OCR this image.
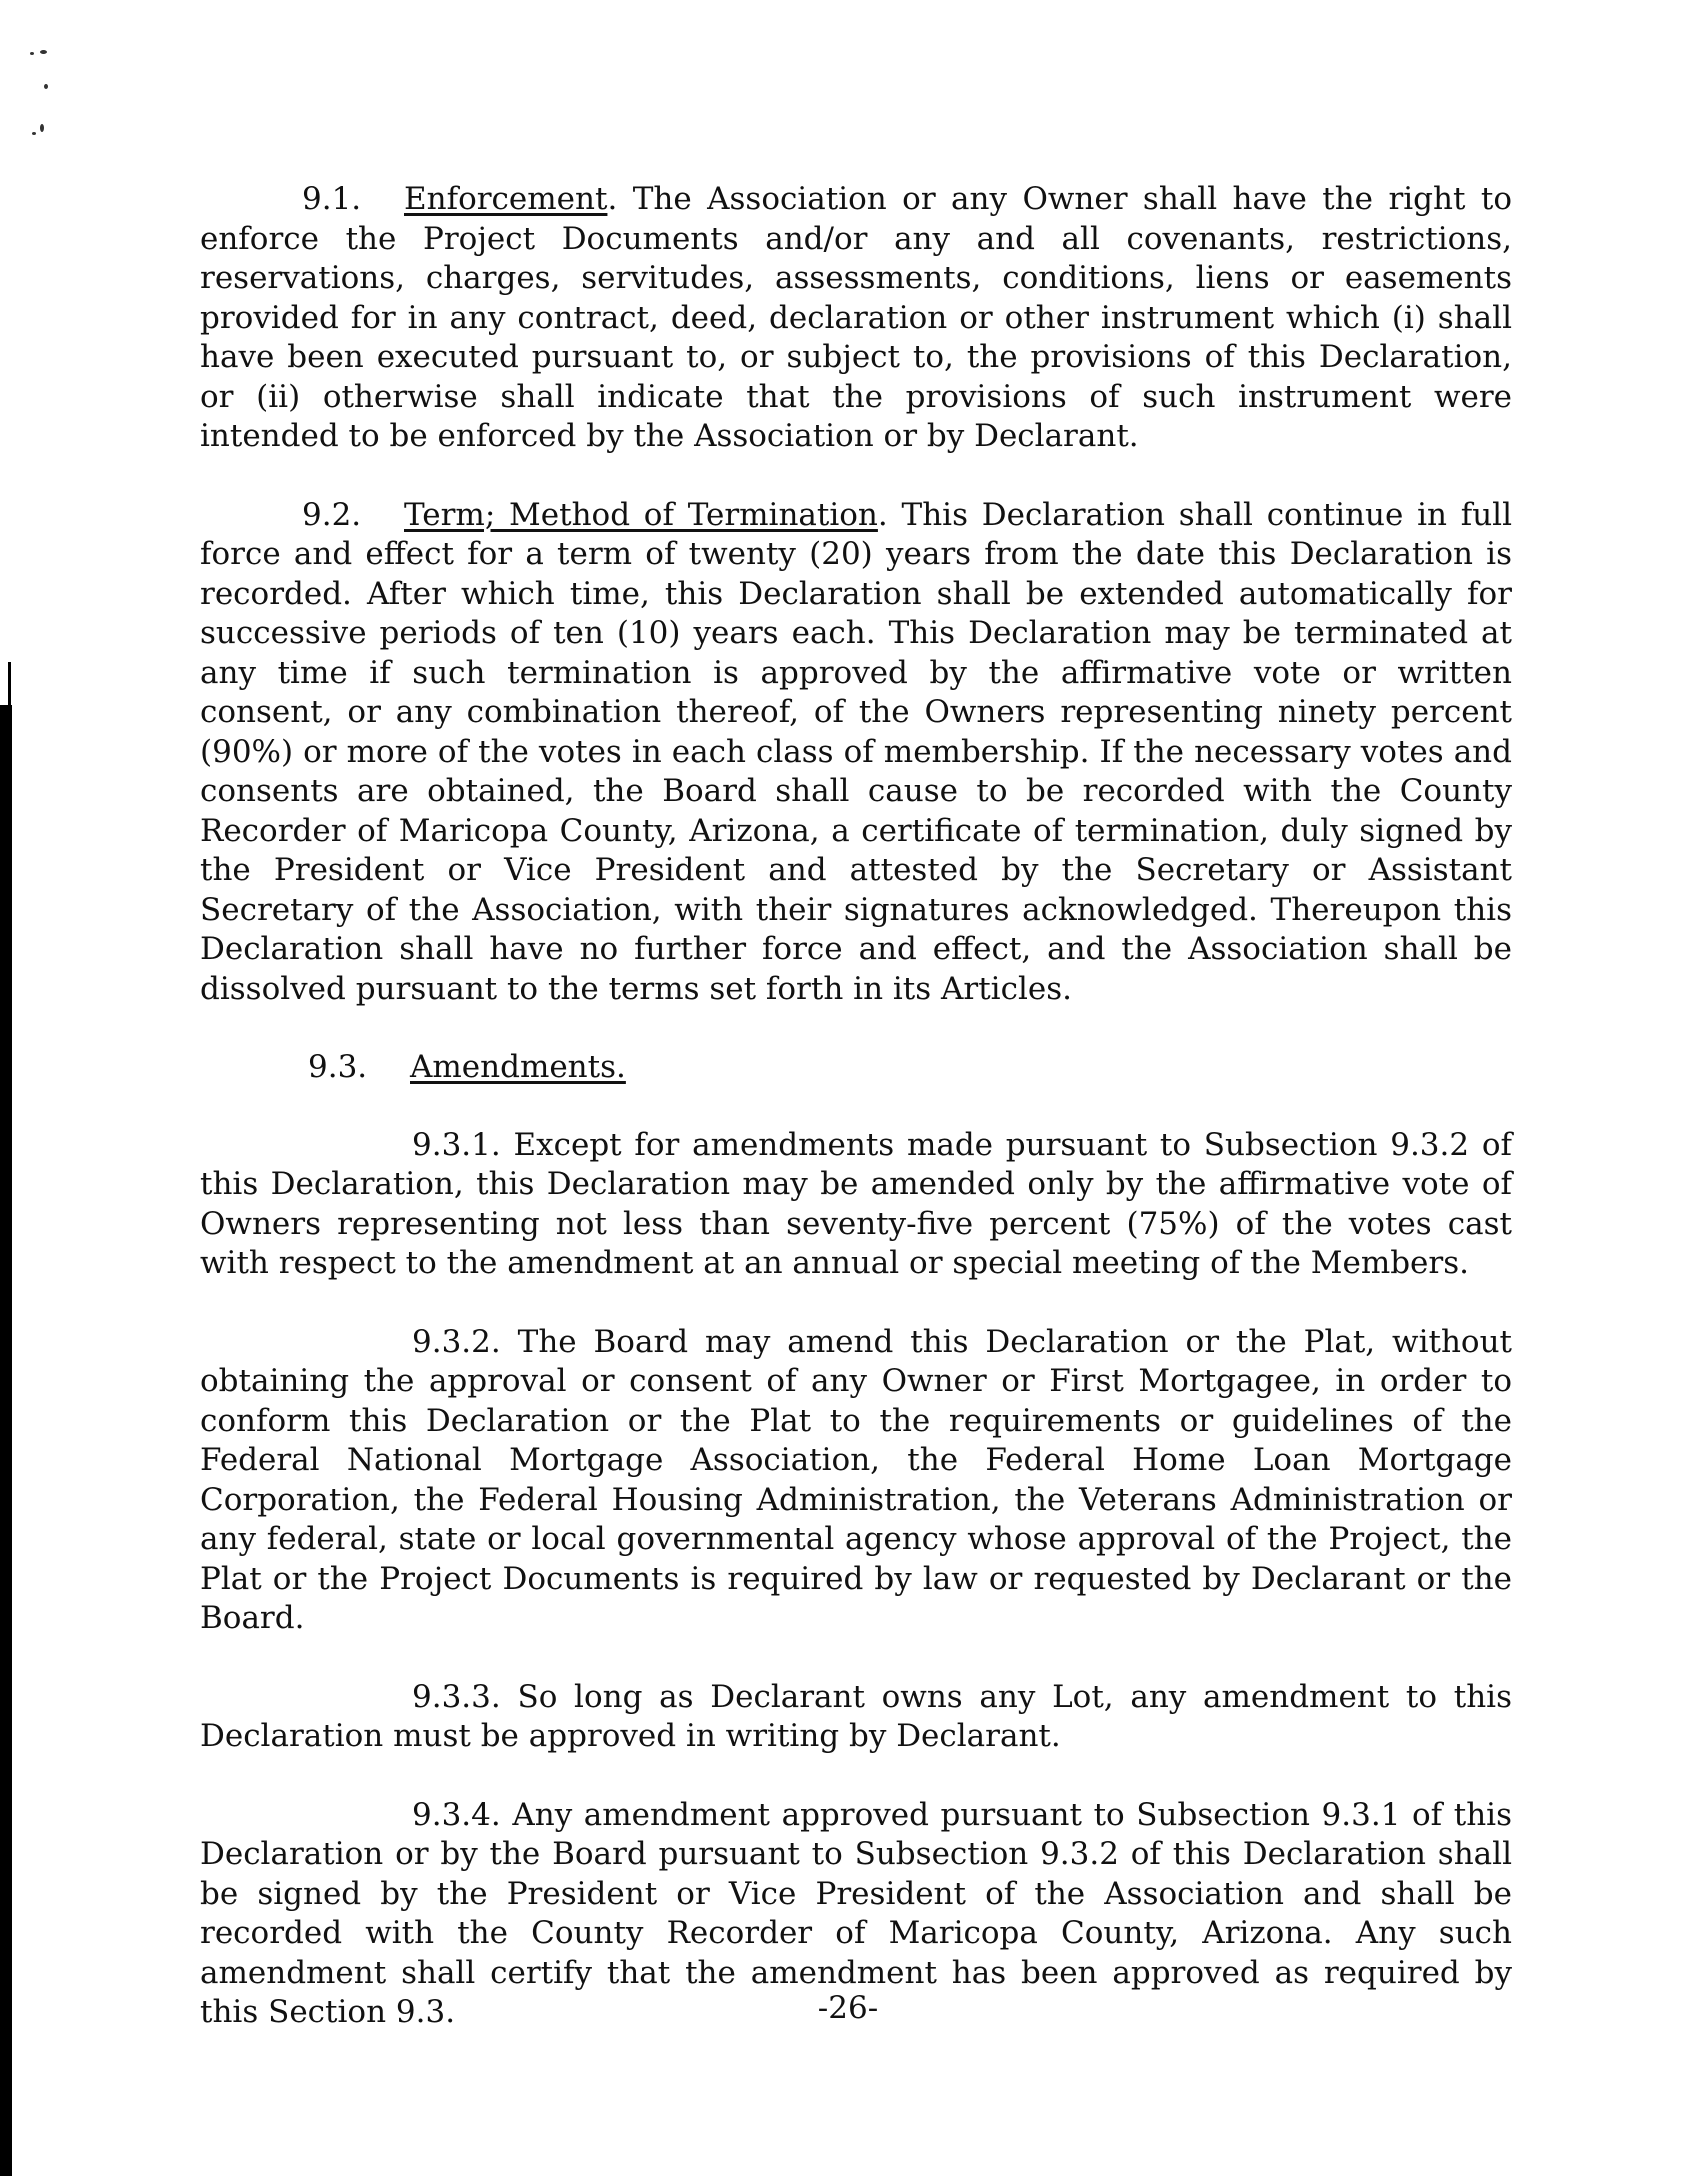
9.1. Enforcement. The Association or any Owner shall have the right to enforce the Project Documents and/or any and all covenants, restrictions, reservations, charges, servitudes, assessments, conditions, liens or easements provided for in any contract, deed, declaration or other instrument which (i) shall have been executed pursuant to, or subject to, the provisions of this Declaration, or (ii) otherwise shall indicate that the provisions of such instrument were intended to be enforced by the Association or by Declarant.

9.2. Term; Method of Termination. This Declaration shall continue in full force and effect for a term of twenty (20) years from the date this Declaration is recorded. After which time, this Declaration shall be extended automatically for successive periods of ten (10) years each. This Declaration may be terminated at any time if such termination is approved by the affirmative vote or written consent, or any combination thereof, of the Owners representing ninety percent (90%) or more of the votes in each class of membership. If the necessary votes and consents are obtained, the Board shall cause to be recorded with the County Recorder of Maricopa County, Arizona, a certificate of termination, duly signed by the President or Vice President and attested by the Secretary or Assistant Secretary of the Association, with their signatures acknowledged. Thereupon this Declaration shall have no further force and effect, and the Association shall be dissolved pursuant to the terms set forth in its Articles.

9.3. Amendments.

9.3.1. Except for amendments made pursuant to Subsection 9.3.2 of this Declaration, this Declaration may be amended only by the affirmative vote of Owners representing not less than seventy-five percent (75%) of the votes cast with respect to the amendment at an annual or special meeting of the Members.

9.3.2. The Board may amend this Declaration or the Plat, without obtaining the approval or consent of any Owner or First Mortgagee, in order to conform this Declaration or the Plat to the requirements or guidelines of the Federal National Mortgage Association, the Federal Home Loan Mortgage Corporation, the Federal Housing Administration, the Veterans Administration or any federal, state or local governmental agency whose approval of the Project, the Plat or the Project Documents is required by law or requested by Declarant or the Board.

9.3.3. So long as Declarant owns any Lot, any amendment to this Declaration must be approved in writing by Declarant.

9.3.4. Any amendment approved pursuant to Subsection 9.3.1 of this Declaration or by the Board pursuant to Subsection 9.3.2 of this Declaration shall be signed by the President or Vice President of the Association and shall be recorded with the County Recorder of Maricopa County, Arizona. Any such amendment shall certify that the amendment has been approved as required by this Section 9.3.	-26-
